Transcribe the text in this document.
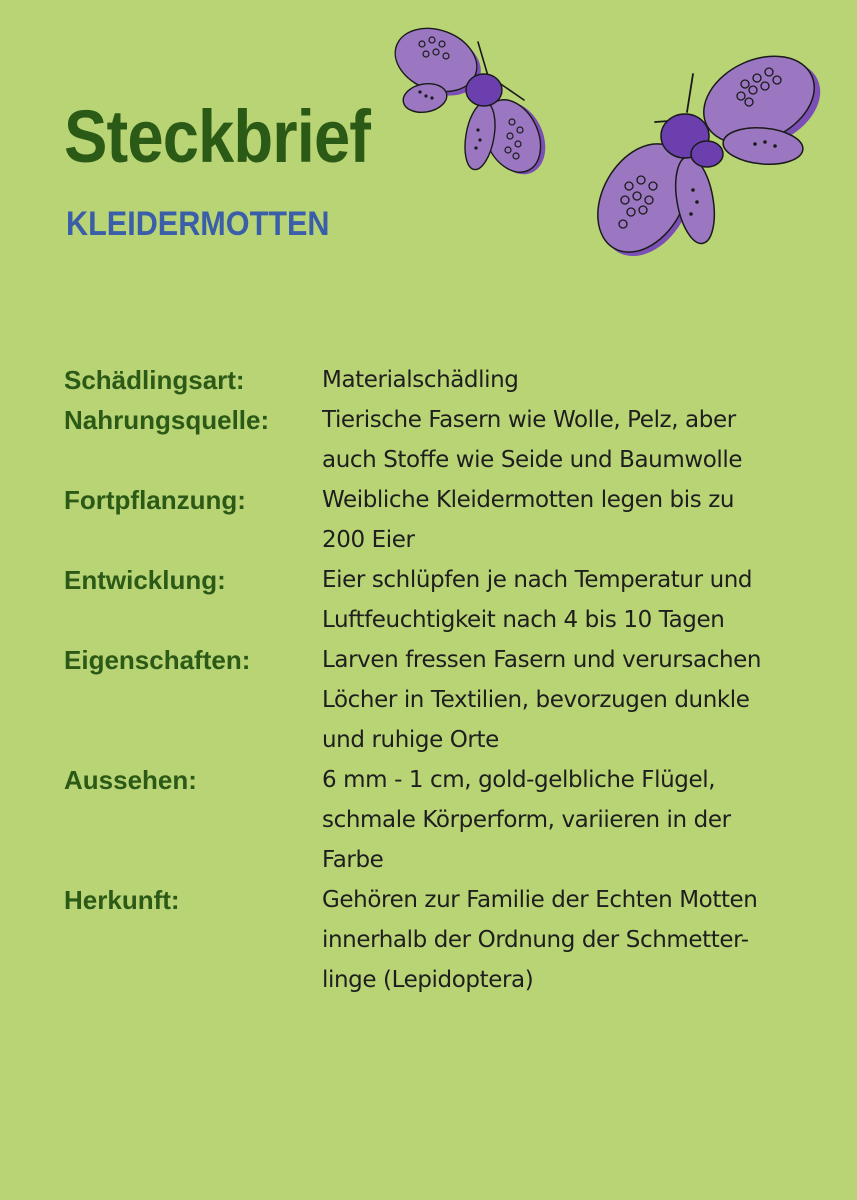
Steckbrief
KLEIDERMOTTEN
Schädlingsart:	Materialschädling
Nahrungsquelle:	Tierische Fasern wie Wolle, Pelz, aber
auch Stoffe wie Seide und Baumwolle
Fortpflanzung:	Weibliche Kleidermotten legen bis zu
200 Eier
Entwicklung:	Eier schlüpfen je nach Temperatur und
Luftfeuchtigkeit nach 4 bis 10 Tagen
Eigenschaften:	Larven fressen Fasern und verursachen
Löcher in Textilien, bevorzugen dunkle
und ruhige Orte
Aussehen:	6 mm - 1 cm, gold-gelbliche Flügel,
schmale Körperform, variieren in der
Farbe
Herkunft:	Gehören zur Familie der Echten Motten
innerhalb der Ordnung der Schmetter-
linge (Lepidoptera)
